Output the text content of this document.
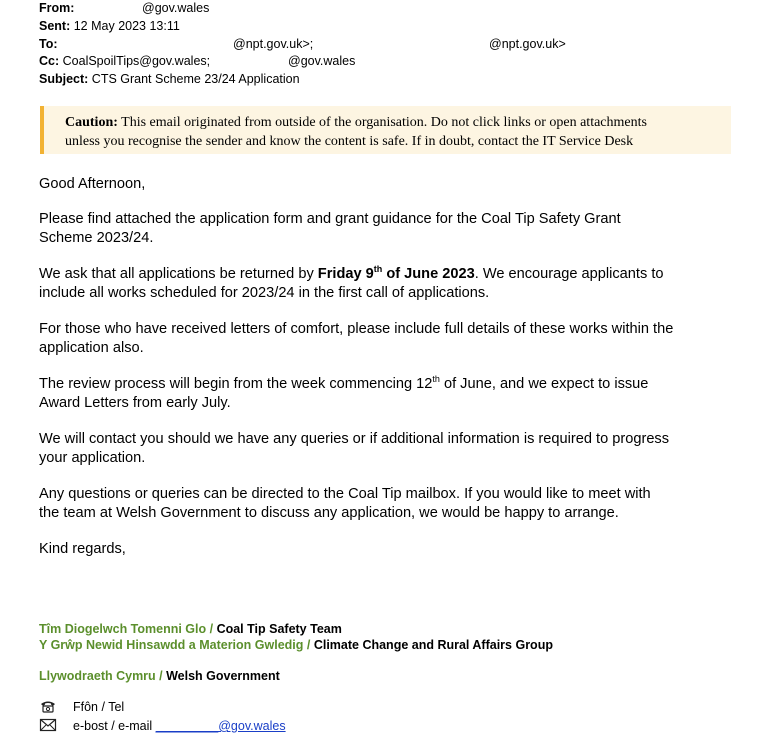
From:	@gov.wales
Sent: 12 May 2023 13:11
To:	@npt.gov.uk>;	@npt.gov.uk>
Cc: CoalSpoilTips@gov.wales;	@gov.wales
Subject: CTS Grant Scheme 23/24 Application
Caution: This email originated from outside of the organisation. Do not click links or open attachments
unless you recognise the sender and know the content is safe. If in doubt, contact the IT Service Desk
Good Afternoon,
Please find attached the application form and grant guidance for the Coal Tip Safety Grant
Scheme 2023/24.
We ask that all applications be returned by Friday 9th of June 2023. We encourage applicants to
include all works scheduled for 2023/24 in the first call of applications.
For those who have received letters of comfort, please include full details of these works within the
application also.
The review process will begin from the week commencing 12th of June, and we expect to issue
Award Letters from early July.
We will contact you should we have any queries or if additional information is required to progress
your application.
Any questions or queries can be directed to the Coal Tip mailbox. If you would like to meet with
the team at Welsh Government to discuss any application, we would be happy to arrange.
Kind regards,
Tîm Diogelwch Tomenni Glo / Coal Tip Safety Team
Y Grŵp Newid Hinsawdd a Materion Gwledig / Climate Change and Rural Affairs Group
Llywodraeth Cymru / Welsh Government
Ffôn / Tel
e-bost / e-mail _________@gov.wales
